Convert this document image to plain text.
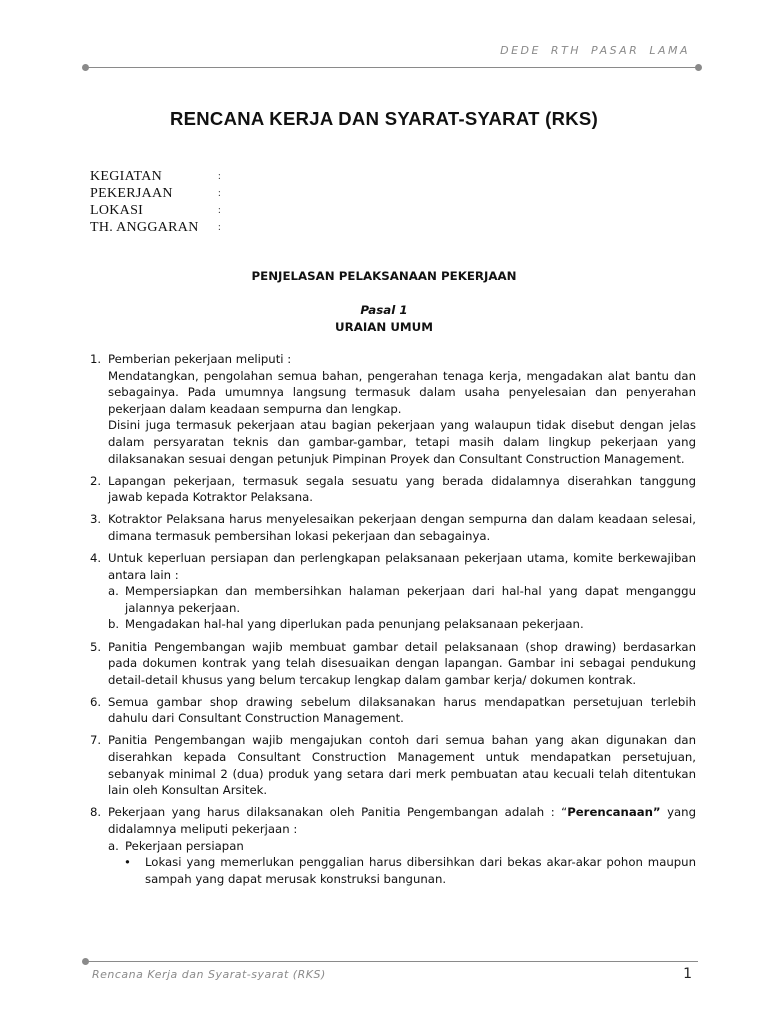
DEDE RTH PASAR LAMA
RENCANA KERJA DAN SYARAT-SYARAT (RKS)
KEGIATAN	:
PEKERJAAN	:
LOKASI	:
TH. ANGGARAN	:
PENJELASAN PELAKSANAAN PEKERJAAN
Pasal 1
URAIAN UMUM
1. Pemberian pekerjaan meliputi :

Mendatangkan, pengolahan semua bahan, pengerahan tenaga kerja, mengadakan alat bantu dan sebagainya. Pada umumnya langsung termasuk dalam usaha penyelesaian dan penyerahan pekerjaan dalam keadaan sempurna dan lengkap.

Disini juga termasuk pekerjaan atau bagian pekerjaan yang walaupun tidak disebut dengan jelas dalam persyaratan teknis dan gambar-gambar, tetapi masih dalam lingkup pekerjaan yang dilaksanakan sesuai dengan petunjuk Pimpinan Proyek dan Consultant Construction Management.

2. Lapangan pekerjaan, termasuk segala sesuatu yang berada didalamnya diserahkan tanggung jawab kepada Kotraktor Pelaksana.
3. Kotraktor Pelaksana harus menyelesaikan pekerjaan dengan sempurna dan dalam keadaan selesai, dimana termasuk pembersihan lokasi pekerjaan dan sebagainya.
4. Untuk keperluan persiapan dan perlengkapan pelaksanaan pekerjaan utama, komite berkewajiban antara lain :

a. Mempersiapkan dan membersihkan halaman pekerjaan dari hal-hal yang dapat menganggu jalannya pekerjaan.
b. Mengadakan hal-hal yang diperlukan pada penunjang pelaksanaan pekerjaan.
5. Panitia Pengembangan wajib membuat gambar detail pelaksanaan (shop drawing) berdasarkan pada dokumen kontrak yang telah disesuaikan dengan lapangan. Gambar ini sebagai pendukung detail-detail khusus yang belum tercakup lengkap dalam gambar kerja/ dokumen kontrak.
6. Semua gambar shop drawing sebelum dilaksanakan harus mendapatkan persetujuan terlebih dahulu dari Consultant Construction Management.
7. Panitia Pengembangan wajib mengajukan contoh dari semua bahan yang akan digunakan dan diserahkan kepada Consultant Construction Management untuk mendapatkan persetujuan, sebanyak minimal 2 (dua) produk yang setara dari merk pembuatan atau kecuali telah ditentukan lain oleh Konsultan Arsitek.
8. Pekerjaan yang harus dilaksanakan oleh Panitia Pengembangan adalah : “Perencanaan” yang didalamnya meliputi pekerjaan :

a. Pekerjaan persiapan
•	Lokasi yang memerlukan penggalian harus dibersihkan dari bekas akar-akar pohon maupun sampah yang dapat merusak konstruksi bangunan.
Rencana Kerja dan Syarat-syarat (RKS)	1
